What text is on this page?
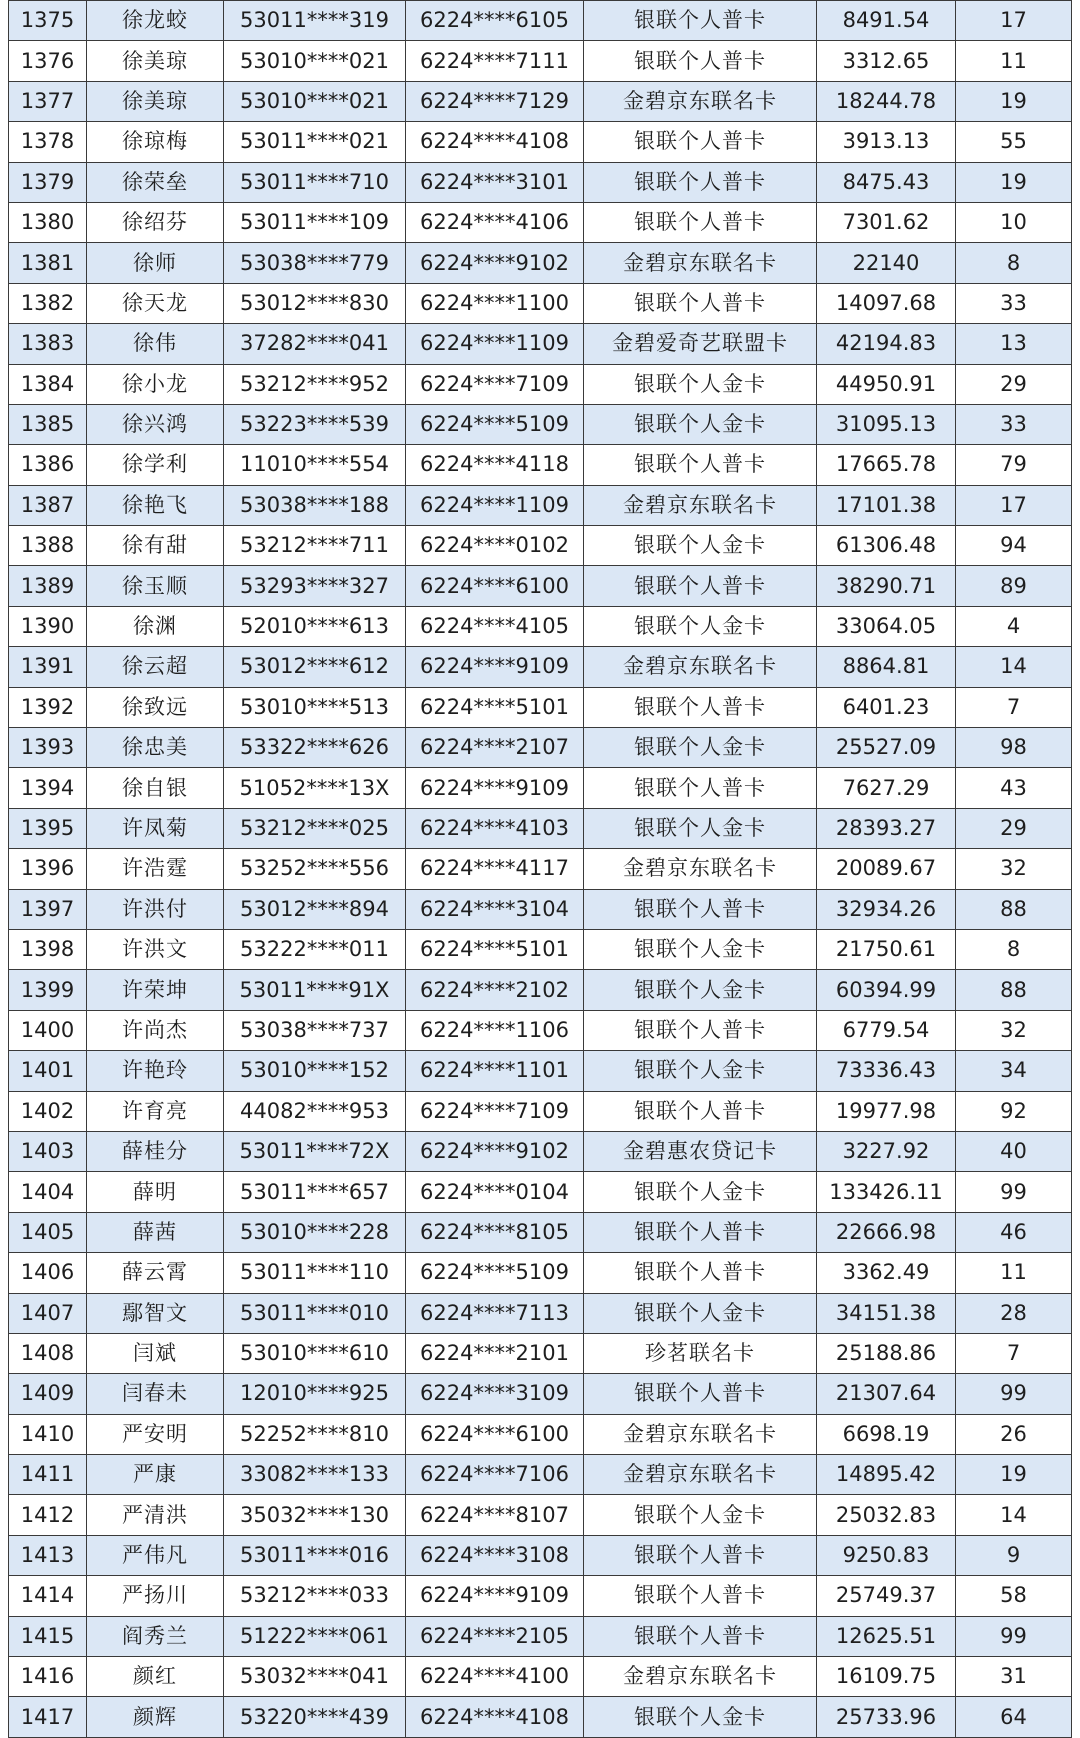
1375	徐龙蛟	53011****319	6224****6105	银联个人普卡	8491.54	17
1376	徐美琼	53010****021	6224****7111	银联个人普卡	3312.65	11
1377	徐美琼	53010****021	6224****7129	金碧京东联名卡	18244.78	19
1378	徐琼梅	53011****021	6224****4108	银联个人普卡	3913.13	55
1379	徐荣垒	53011****710	6224****3101	银联个人普卡	8475.43	19
1380	徐绍芬	53011****109	6224****4106	银联个人普卡	7301.62	10
1381	徐师	53038****779	6224****9102	金碧京东联名卡	22140	8
1382	徐天龙	53012****830	6224****1100	银联个人普卡	14097.68	33
1383	徐伟	37282****041	6224****1109	金碧爱奇艺联盟卡	42194.83	13
1384	徐小龙	53212****952	6224****7109	银联个人金卡	44950.91	29
1385	徐兴鸿	53223****539	6224****5109	银联个人金卡	31095.13	33
1386	徐学利	11010****554	6224****4118	银联个人普卡	17665.78	79
1387	徐艳飞	53038****188	6224****1109	金碧京东联名卡	17101.38	17
1388	徐有甜	53212****711	6224****0102	银联个人金卡	61306.48	94
1389	徐玉顺	53293****327	6224****6100	银联个人普卡	38290.71	89
1390	徐渊	52010****613	6224****4105	银联个人金卡	33064.05	4
1391	徐云超	53012****612	6224****9109	金碧京东联名卡	8864.81	14
1392	徐致远	53010****513	6224****5101	银联个人普卡	6401.23	7
1393	徐忠美	53322****626	6224****2107	银联个人金卡	25527.09	98
1394	徐自银	51052****13X	6224****9109	银联个人普卡	7627.29	43
1395	许凤菊	53212****025	6224****4103	银联个人金卡	28393.27	29
1396	许浩霆	53252****556	6224****4117	金碧京东联名卡	20089.67	32
1397	许洪付	53012****894	6224****3104	银联个人普卡	32934.26	88
1398	许洪文	53222****011	6224****5101	银联个人金卡	21750.61	8
1399	许荣坤	53011****91X	6224****2102	银联个人金卡	60394.99	88
1400	许尚杰	53038****737	6224****1106	银联个人普卡	6779.54	32
1401	许艳玲	53010****152	6224****1101	银联个人金卡	73336.43	34
1402	许育亮	44082****953	6224****7109	银联个人普卡	19977.98	92
1403	薛桂分	53011****72X	6224****9102	金碧惠农贷记卡	3227.92	40
1404	薛明	53011****657	6224****0104	银联个人金卡	133426.11	99
1405	薛茜	53010****228	6224****8105	银联个人普卡	22666.98	46
1406	薛云霄	53011****110	6224****5109	银联个人普卡	3362.49	11
1407	鄢智文	53011****010	6224****7113	银联个人金卡	34151.38	28
1408	闫斌	53010****610	6224****2101	珍茗联名卡	25188.86	7
1409	闫春未	12010****925	6224****3109	银联个人普卡	21307.64	99
1410	严安明	52252****810	6224****6100	金碧京东联名卡	6698.19	26
1411	严康	33082****133	6224****7106	金碧京东联名卡	14895.42	19
1412	严清洪	35032****130	6224****8107	银联个人金卡	25032.83	14
1413	严伟凡	53011****016	6224****3108	银联个人普卡	9250.83	9
1414	严扬川	53212****033	6224****9109	银联个人普卡	25749.37	58
1415	阎秀兰	51222****061	6224****2105	银联个人普卡	12625.51	99
1416	颜红	53032****041	6224****4100	金碧京东联名卡	16109.75	31
1417	颜辉	53220****439	6224****4108	银联个人金卡	25733.96	64
